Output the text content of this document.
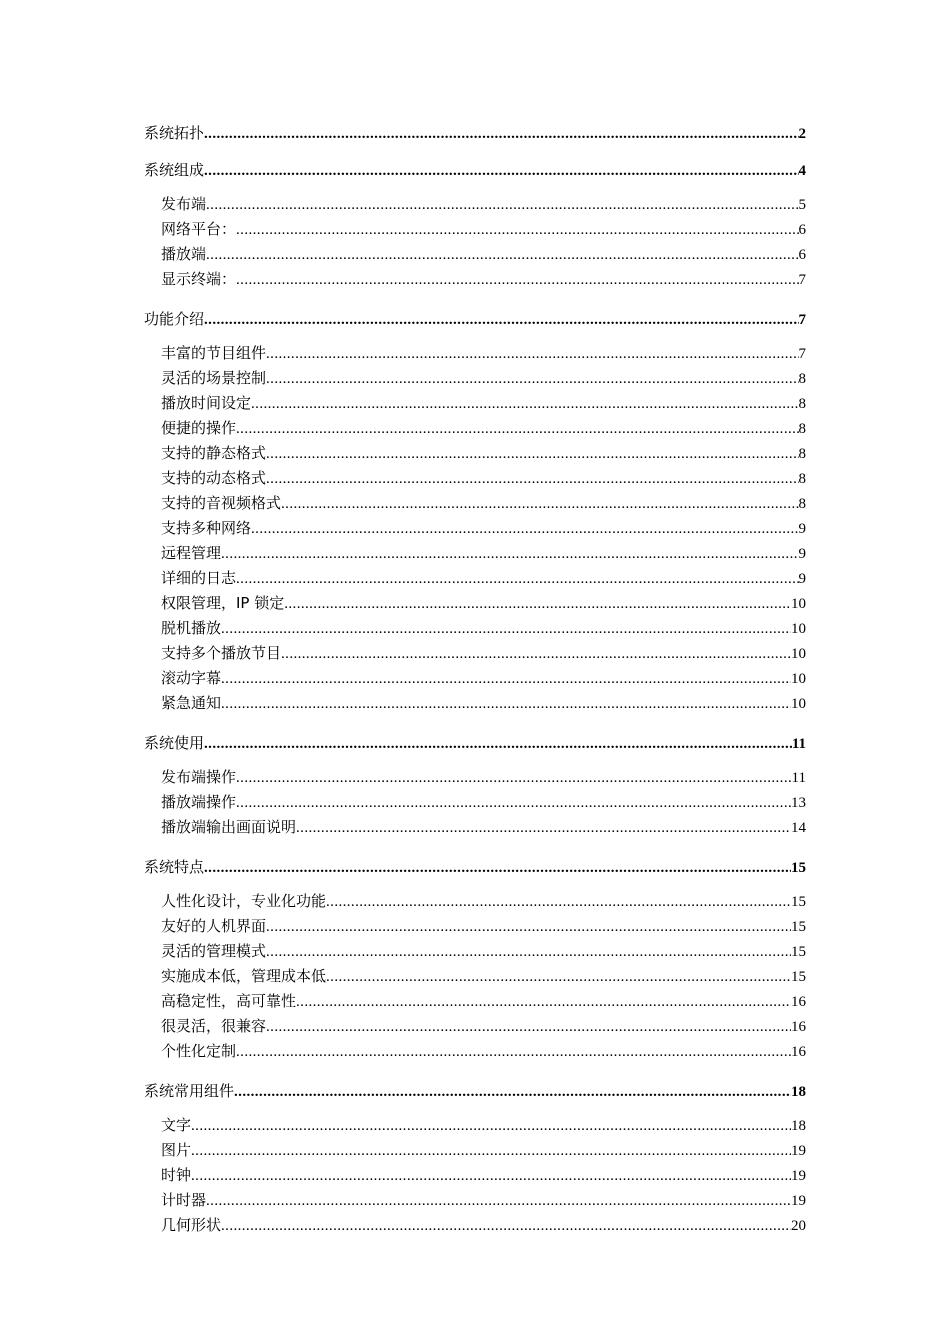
系统拓扑 .....	2
系统组成 .....	4
发布端 .....	5
网络平台： .....	6
播放端 .....	6
显示终端： .....	7
功能介绍 .....	7
丰富的节目组件 .....	7
灵活的场景控制 .....	8
播放时间设定 .....	8
便捷的操作 .....	8
支持的静态格式 .....	8
支持的动态格式 .....	8
支持的音视频格式 .....	8
支持多种网络 .....	9
远程管理 .....	9
详细的日志 .....	9
权限管理，IP 锁定 .....	10
脱机播放 .....	10
支持多个播放节目 .....	10
滚动字幕 .....	10
紧急通知 .....	10
系统使用 .....	11
发布端操作 .....	11
播放端操作 .....	13
播放端输出画面说明 .....	14
系统特点 .....	15
人性化设计，专业化功能 .....	15
友好的人机界面 .....	15
灵活的管理模式 .....	15
实施成本低，管理成本低 .....	15
高稳定性，高可靠性 .....	16
很灵活，很兼容 .....	16
个性化定制 .....	16
系统常用组件 .....	18
文字 .....	18
图片 .....	19
时钟 .....	19
计时器 .....	19
几何形状 .....	20
